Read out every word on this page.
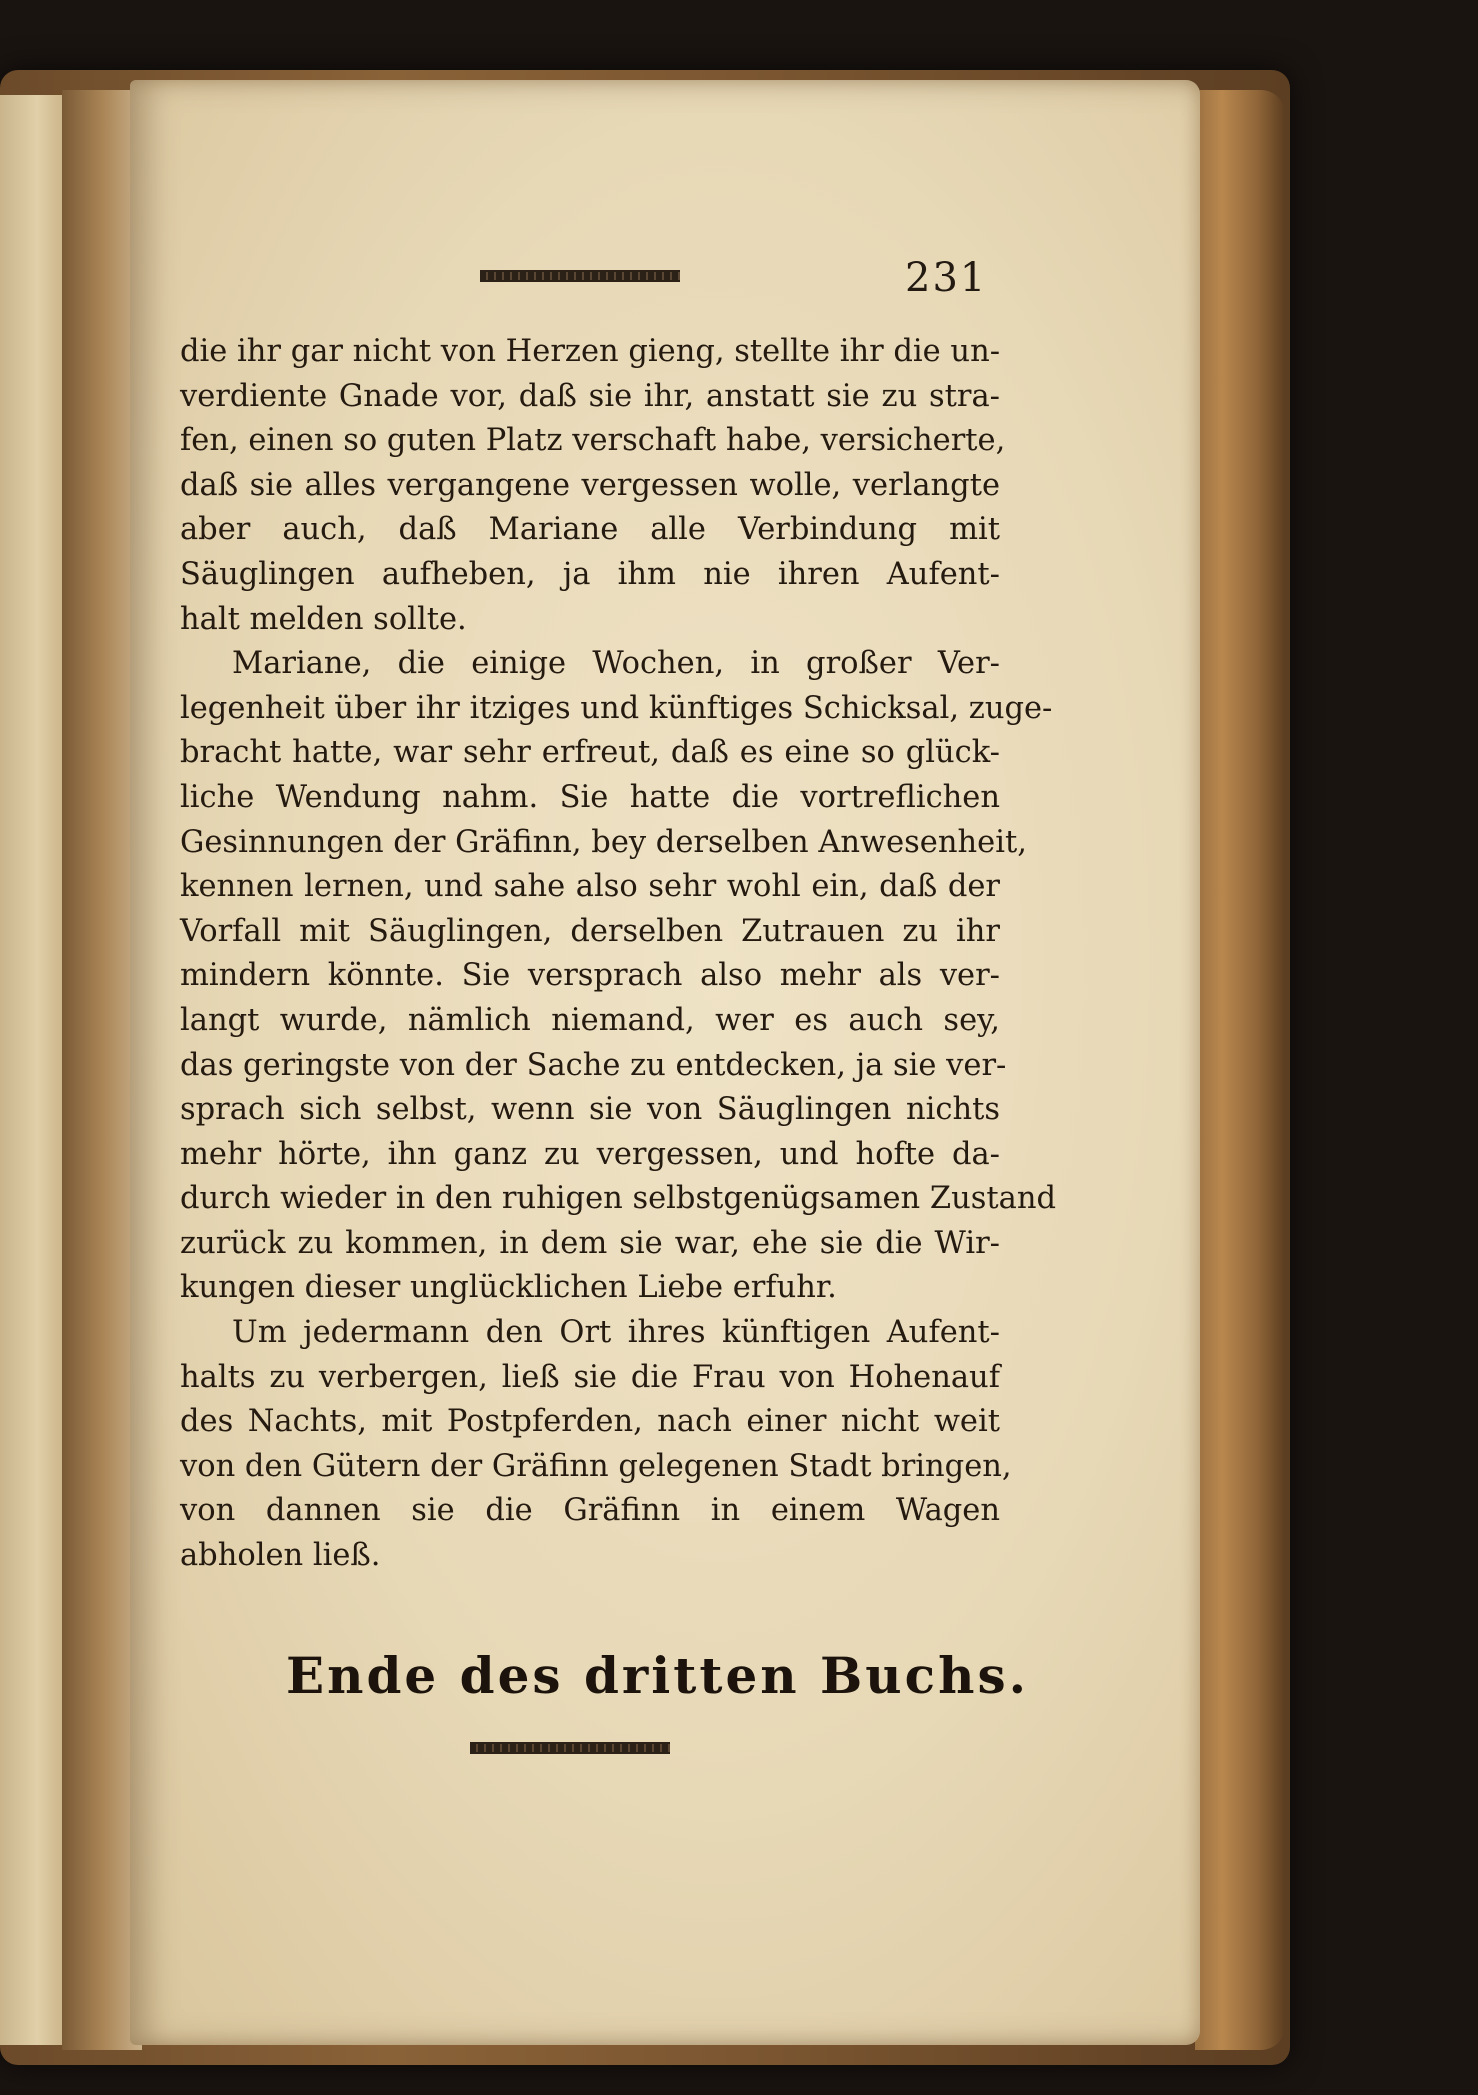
231
die ihr gar nicht von Herzen gieng, stellte ihr die un-
verdiente Gnade vor, daß sie ihr, anstatt sie zu stra-
fen, einen so guten Platz verschaft habe, versicherte,
daß sie alles vergangene vergessen wolle, verlangte
aber auch, daß Mariane alle Verbindung mit
Säuglingen aufheben, ja ihm nie ihren Aufent-
halt melden sollte.
Mariane, die einige Wochen, in großer Ver-
legenheit über ihr itziges und künftiges Schicksal, zuge-
bracht hatte, war sehr erfreut, daß es eine so glück-
liche Wendung nahm. Sie hatte die vortreflichen
Gesinnungen der Gräfinn, bey derselben Anwesenheit,
kennen lernen, und sahe also sehr wohl ein, daß der
Vorfall mit Säuglingen, derselben Zutrauen zu ihr
mindern könnte. Sie versprach also mehr als ver-
langt wurde, nämlich niemand, wer es auch sey,
das geringste von der Sache zu entdecken, ja sie ver-
sprach sich selbst, wenn sie von Säuglingen nichts
mehr hörte, ihn ganz zu vergessen, und hofte da-
durch wieder in den ruhigen selbstgenügsamen Zustand
zurück zu kommen, in dem sie war, ehe sie die Wir-
kungen dieser unglücklichen Liebe erfuhr.
Um jedermann den Ort ihres künftigen Aufent-
halts zu verbergen, ließ sie die Frau von Hohenauf
des Nachts, mit Postpferden, nach einer nicht weit
von den Gütern der Gräfinn gelegenen Stadt bringen,
von dannen sie die Gräfinn in einem Wagen
abholen ließ.
Ende des dritten Buchs.
